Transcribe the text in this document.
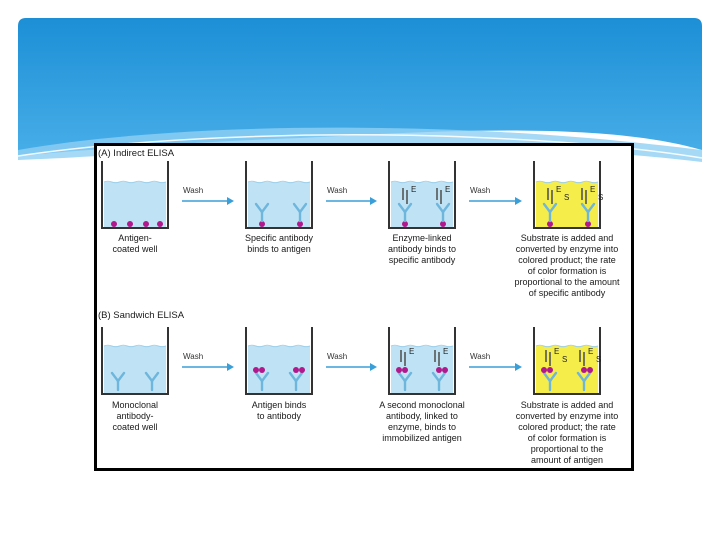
E	E	E
S
E
S
(A) Indirect ELISA
Antigen-
coated well
Specific antibody
binds to antigen
Enzyme-linked
antibody binds to
specific antibody
Substrate is added and
converted by enzyme into
colored product; the rate
of color formation is
proportional to the amount
of specific antibody
Wash	Wash	Wash
E	E	E
S
E
S
(B) Sandwich ELISA
Monoclonal
antibody-
coated well
Antigen binds
to antibody
A second monoclonal
antibody, linked to
enzyme, binds to
immobilized antigen
Substrate is added and
converted by enzyme into
colored product; the rate
of color formation is
proportional to the
amount of antigen
Wash	Wash	Wash
